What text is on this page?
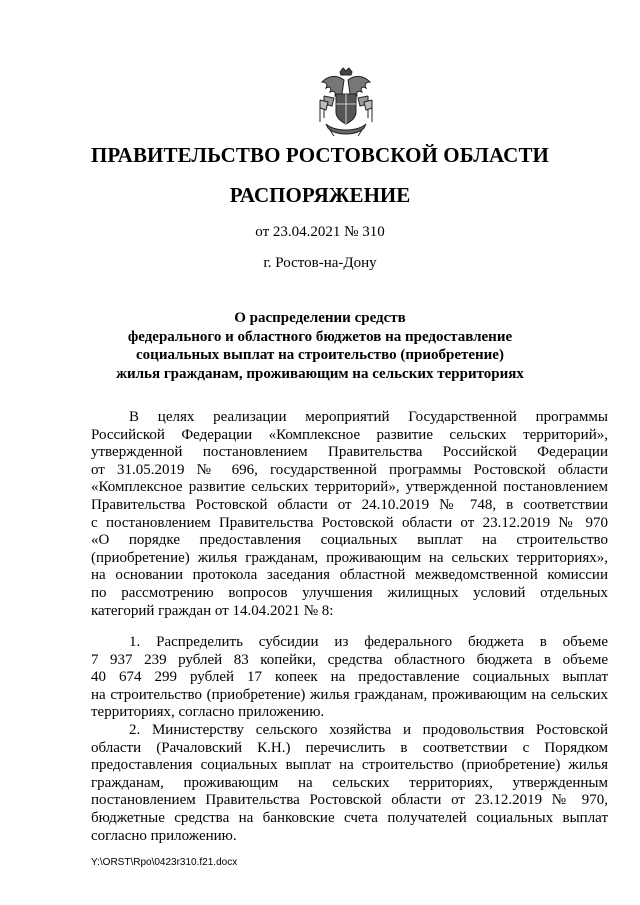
ПРАВИТЕЛЬСТВО РОСТОВСКОЙ ОБЛАСТИ
РАСПОРЯЖЕНИЕ
от 23.04.2021 № 310
г. Ростов-на-Дону
О распределении средств
федерального и областного бюджетов на предоставление
социальных выплат на строительство (приобретение)
жилья гражданам, проживающим на сельских территориях
В целях реализации мероприятий Государственной программы
Российской Федерации «Комплексное развитие сельских территорий»,
утвержденной постановлением Правительства Российской Федерации
от 31.05.2019 № 696, государственной программы Ростовской области
«Комплексное развитие сельских территорий», утвержденной постановлением
Правительства Ростовской области от 24.10.2019 № 748, в соответствии
с постановлением Правительства Ростовской области от 23.12.2019 № 970
«О порядке предоставления социальных выплат на строительство
(приобретение) жилья гражданам, проживающим на сельских территориях»,
на основании протокола заседания областной межведомственной комиссии
по рассмотрению вопросов улучшения жилищных условий отдельных
категорий граждан от 14.04.2021 № 8:
1. Распределить субсидии из федерального бюджета в объеме
7 937 239 рублей 83 копейки, средства областного бюджета в объеме
40 674 299 рублей 17 копеек на предоставление социальных выплат
на строительство (приобретение) жилья гражданам, проживающим на сельских
территориях, согласно приложению.
2. Министерству сельского хозяйства и продовольствия Ростовской
области (Рачаловский К.Н.) перечислить в соответствии с Порядком
предоставления социальных выплат на строительство (приобретение) жилья
гражданам, проживающим на сельских территориях, утвержденным
постановлением Правительства Ростовской области от 23.12.2019 № 970,
бюджетные средства на банковские счета получателей социальных выплат
согласно приложению.
Y:\ORST\Rpo\0423r310.f21.docx
